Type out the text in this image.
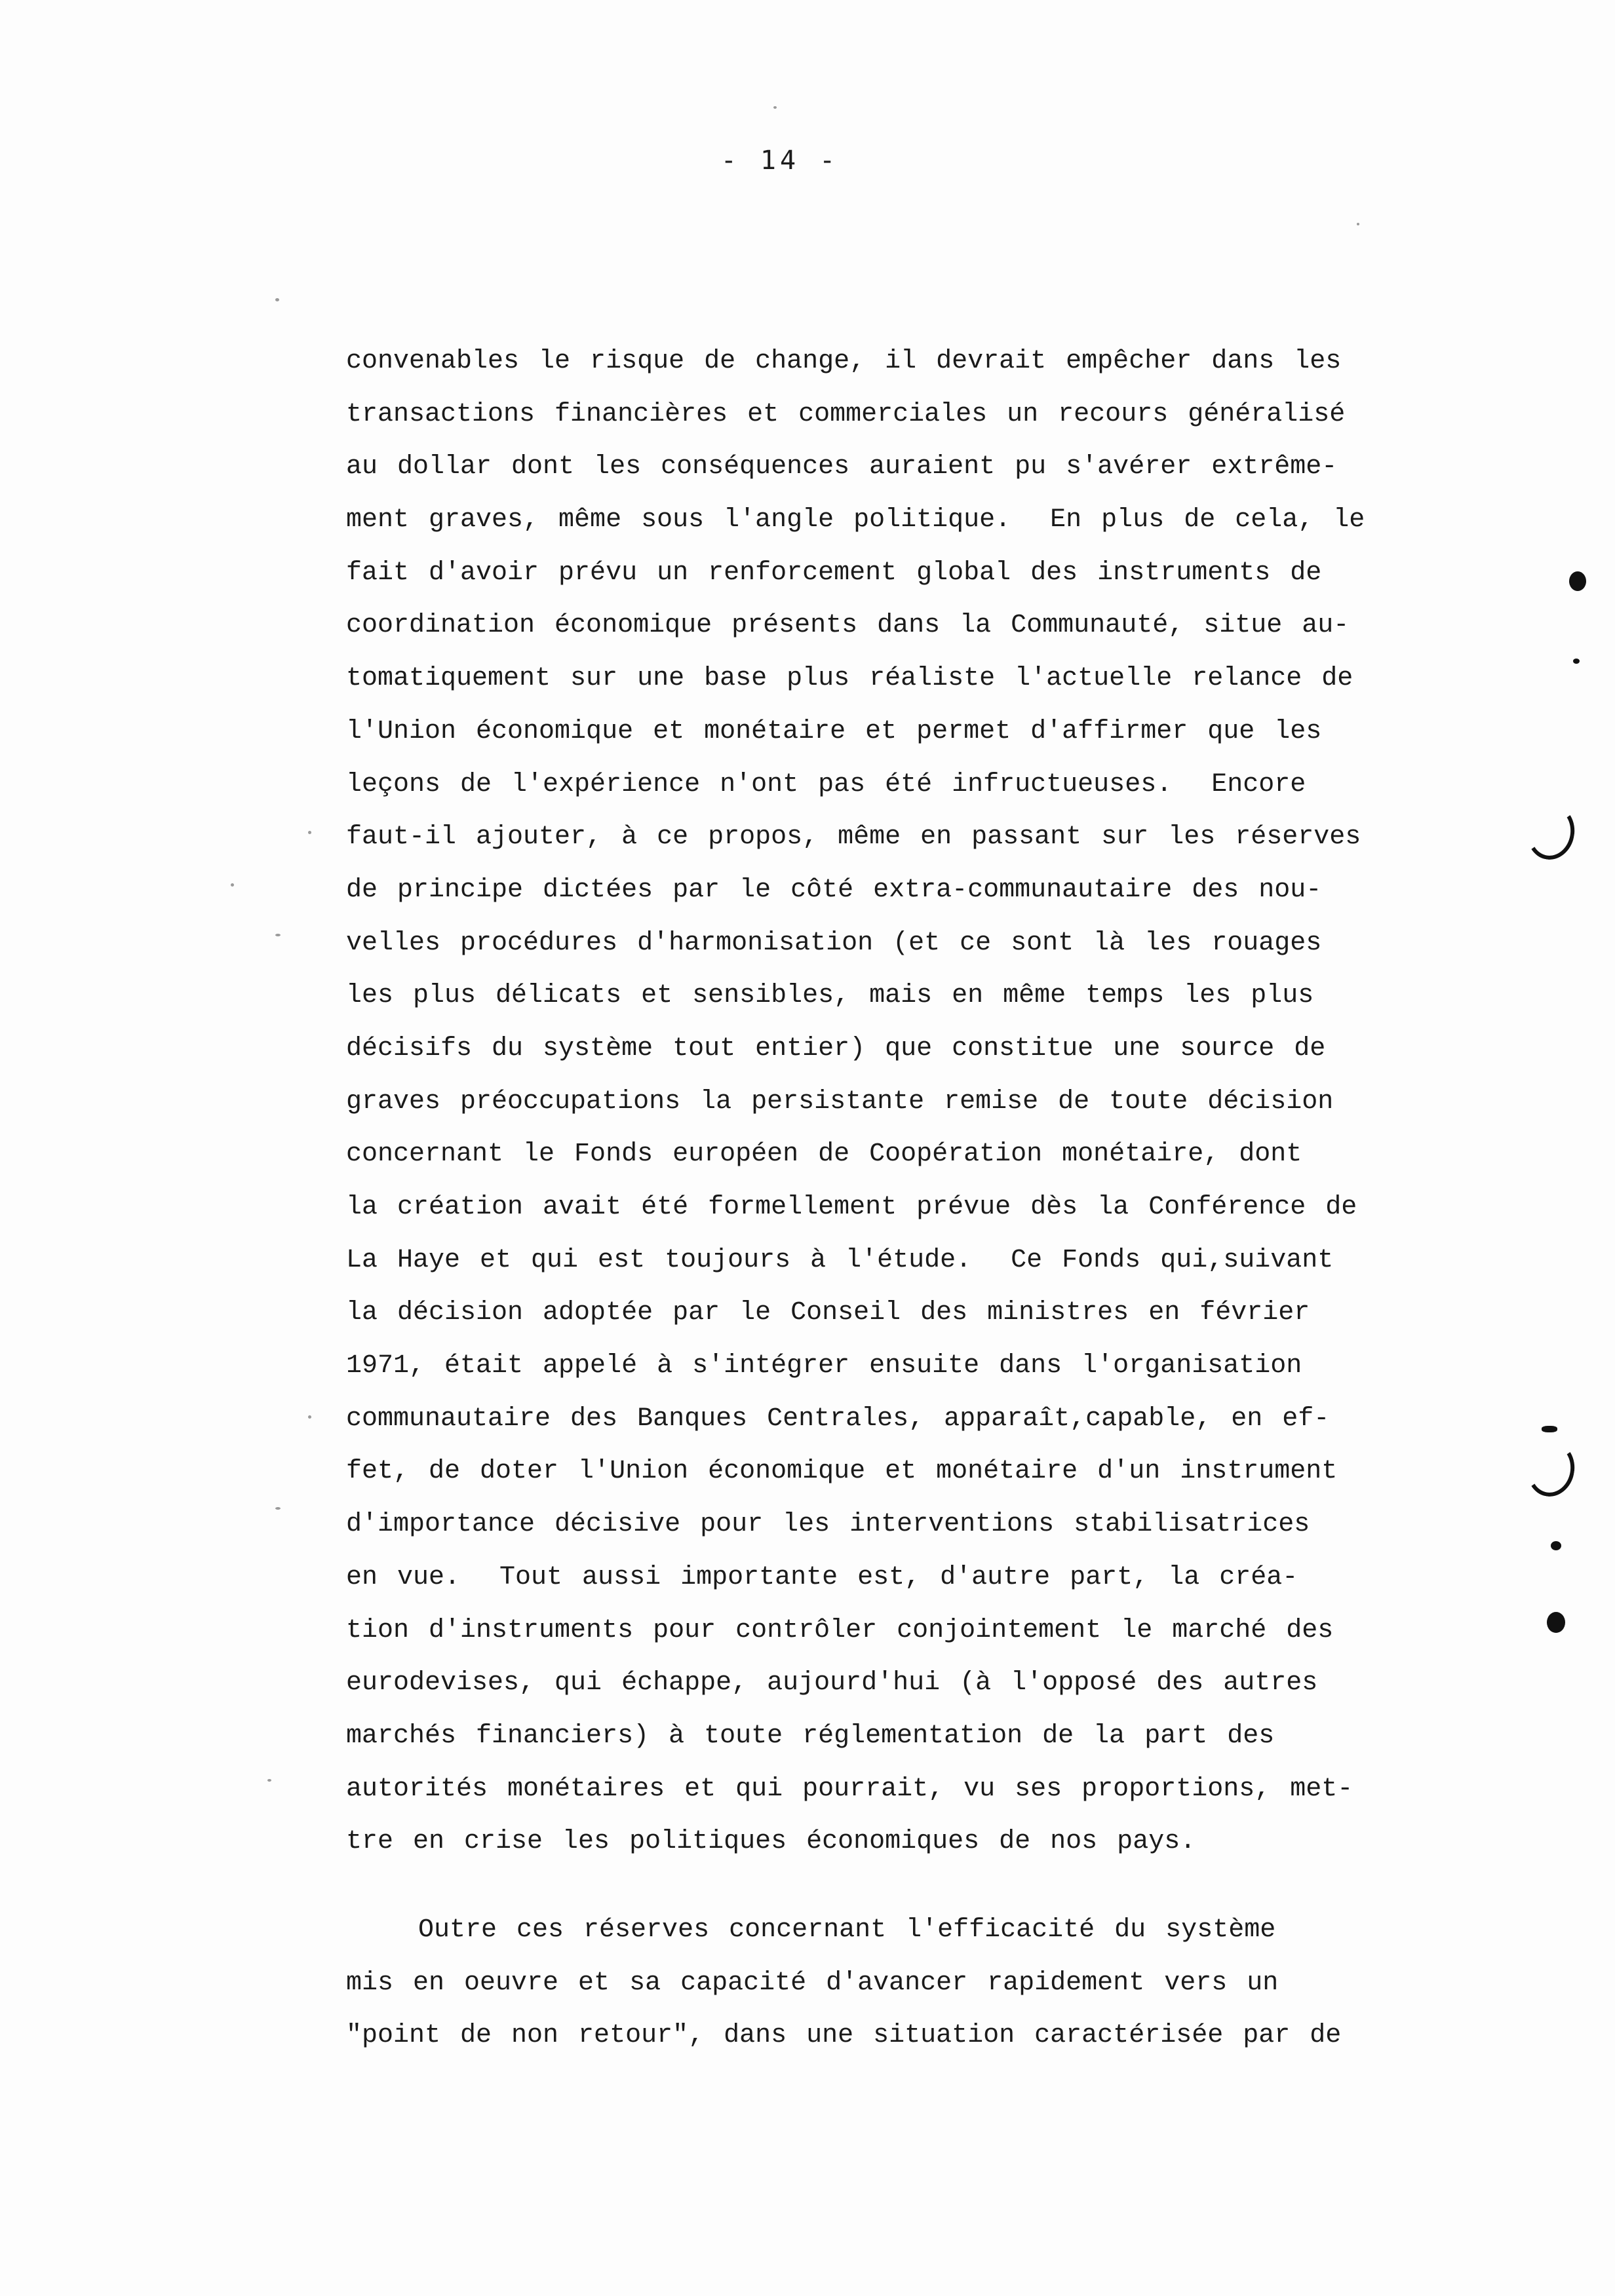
- 14 -
convenables le risque de change, il devrait empêcher dans les
transactions financières et commerciales un recours généralisé
au dollar dont les conséquences auraient pu s'avérer extrême-
ment graves, même sous l'angle politique.  En plus de cela, le
fait d'avoir prévu un renforcement global des instruments de
coordination économique présents dans la Communauté, situe au-
tomatiquement sur une base plus réaliste l'actuelle relance de
l'Union économique et monétaire et permet d'affirmer que les
leçons de l'expérience n'ont pas été infructueuses.  Encore
faut-il ajouter, à ce propos, même en passant sur les réserves
de principe dictées par le côté extra-communautaire des nou-
velles procédures d'harmonisation (et ce sont là les rouages
les plus délicats et sensibles, mais en même temps les plus
décisifs du système tout entier) que constitue une source de
graves préoccupations la persistante remise de toute décision
concernant le Fonds européen de Coopération monétaire, dont
la création avait été formellement prévue dès la Conférence de
La Haye et qui est toujours à l'étude.  Ce Fonds qui,suivant
la décision adoptée par le Conseil des ministres en février
1971, était appelé à s'intégrer ensuite dans l'organisation
communautaire des Banques Centrales, apparaît,capable, en ef-
fet, de doter l'Union économique et monétaire d'un instrument
d'importance décisive pour les interventions stabilisatrices
en vue.  Tout aussi importante est, d'autre part, la créa-
tion d'instruments pour contrôler conjointement le marché des
eurodevises, qui échappe, aujourd'hui (à l'opposé des autres
marchés financiers) à toute réglementation de la part des
autorités monétaires et qui pourrait, vu ses proportions, met-
tre en crise les politiques économiques de nos pays.
Outre ces réserves concernant l'efficacité du système
mis en oeuvre et sa capacité d'avancer rapidement vers un
"point de non retour", dans une situation caractérisée par de
